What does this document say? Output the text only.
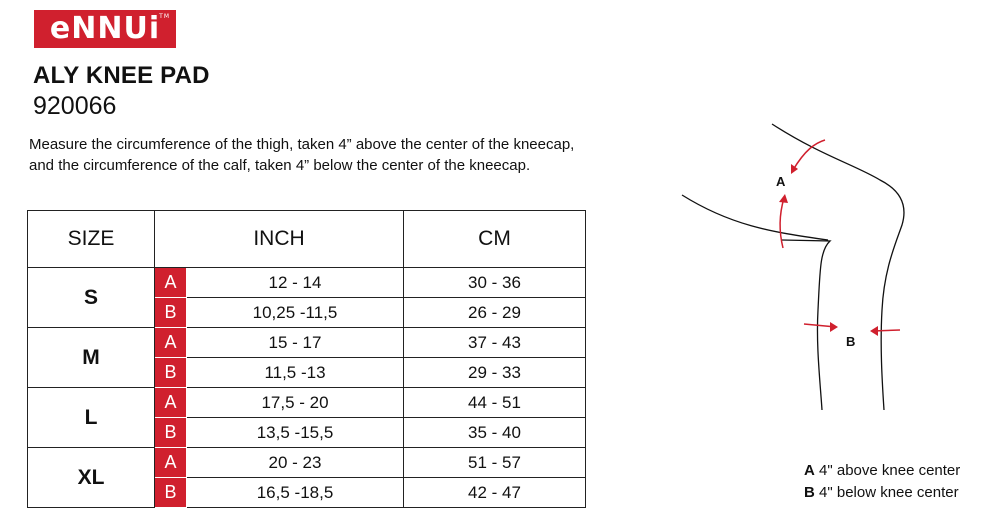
eNNUi TM
ALY KNEE PAD
920066

Measure the circumference of the thigh, taken 4” above the center of the kneecap, and the circumference of the calf, taken 4” below the center of the kneecap.

SIZE	INCH		CM
S	A	12 - 14	30 - 36
	B	10,25 -11,5	26 - 29
M	A	15 - 17	37 - 43
	B	11,5 -13	29 - 33
L	A	17,5 - 20	44 - 51
	B	13,5 -15,5	35 - 40
XL	A	20 - 23	51 - 57
	B	16,5 -18,5	42 - 47
A
B
A 4" above knee center
B 4" below knee center
